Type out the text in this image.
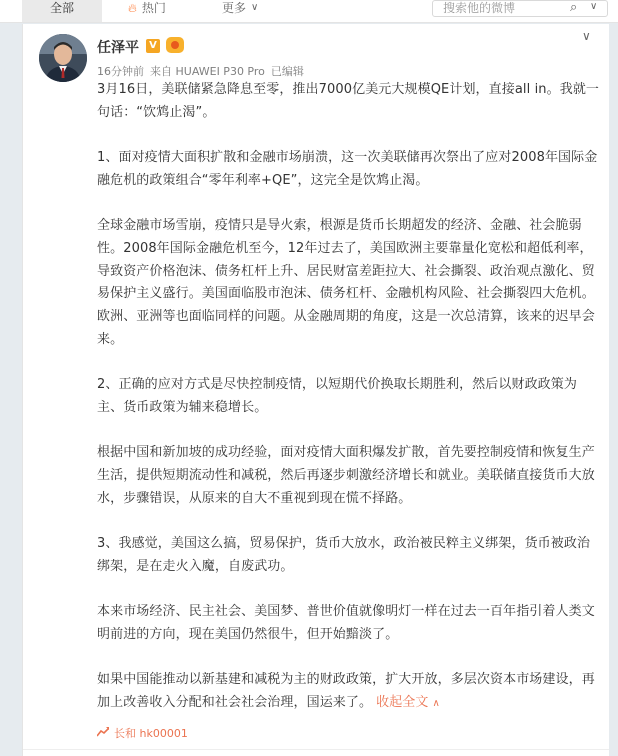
全部	🔥︎ 热门	更多 ∨	搜索他的微博	⌕ ∨
任泽平	V
16分钟前 来自 HUAWEI P30 Pro 已编辑
∨

3月16日，美联储紧急降息至零，推出7000亿美元大规模QE计划，直接all in。我就一句话：“饮鸩止渴”。

1、面对疫情大面积扩散和金融市场崩溃，这一次美联储再次祭出了应对2008年国际金融危机的政策组合“零年利率+QE”，这完全是饮鸩止渴。

全球金融市场雪崩，疫情只是导火索，根源是货币长期超发的经济、金融、社会脆弱性。2008年国际金融危机至今，12年过去了，美国欧洲主要靠量化宽松和超低利率，导致资产价格泡沫、债务杠杆上升、居民财富差距拉大、社会撕裂、政治观点激化、贸易保护主义盛行。美国面临股市泡沫、债务杠杆、金融机构风险、社会撕裂四大危机。欧洲、亚洲等也面临同样的问题。从金融周期的角度，这是一次总清算，该来的迟早会来。

2、正确的应对方式是尽快控制疫情，以短期代价换取长期胜利，然后以财政政策为主、货币政策为辅来稳增长。

根据中国和新加坡的成功经验，面对疫情大面积爆发扩散，首先要控制疫情和恢复生产生活，提供短期流动性和减税，然后再逐步刺激经济增长和就业。美联储直接货币大放水，步骤错误，从原来的自大不重视到现在慌不择路。

3、我感觉，美国这么搞，贸易保护，货币大放水，政治被民粹主义绑架，货币被政治绑架，是在走火入魔，自废武功。

本来市场经济、民主社会、美国梦、普世价值就像明灯一样在过去一百年指引着人类文明前进的方向，现在美国仍然很牛，但开始黯淡了。

如果中国能推动以新基建和减税为主的财政政策，扩大开放，多层次资本市场建设，再加上改善收入分配和社会社会治理，国运来了。 收起全文 ∧

长和 hk00001
